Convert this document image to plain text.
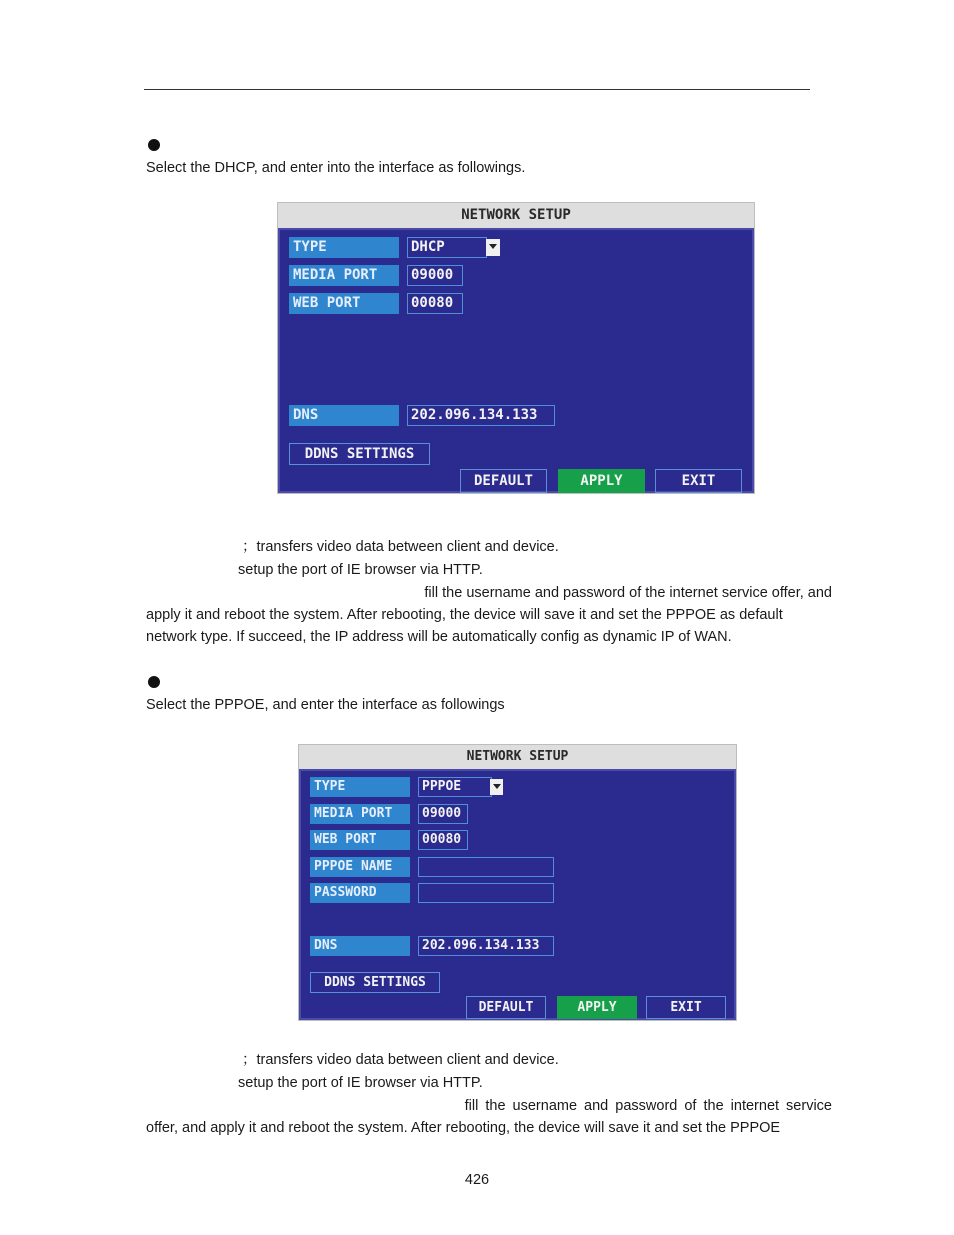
Select the DHCP, and enter into the interface as followings.
NETWORK SETUP
TYPE	DHCP
MEDIA PORT	09000
WEB PORT	00080
DNS	202.096.134.133
DDNS SETTINGS
DEFAULT	APPLY	EXIT
；transfers video data between client and device.
setup the port of IE browser via HTTP.
fill the username and password of the internet service offer, and
apply it and reboot the system. After rebooting, the device will save it and set the PPPOE as default
network type. If succeed, the IP address will be automatically config as dynamic IP of WAN.
Select the PPPOE, and enter the interface as followings
NETWORK SETUP
TYPE	PPPOE
MEDIA PORT	09000
WEB PORT	00080
PPPOE NAME
PASSWORD
DNS	202.096.134.133
DDNS SETTINGS
DEFAULT	APPLY	EXIT
；transfers video data between client and device.
setup the port of IE browser via HTTP.
fill the username and password of the internet service
offer, and apply it and reboot the system. After rebooting, the device will save it and set the PPPOE
426
